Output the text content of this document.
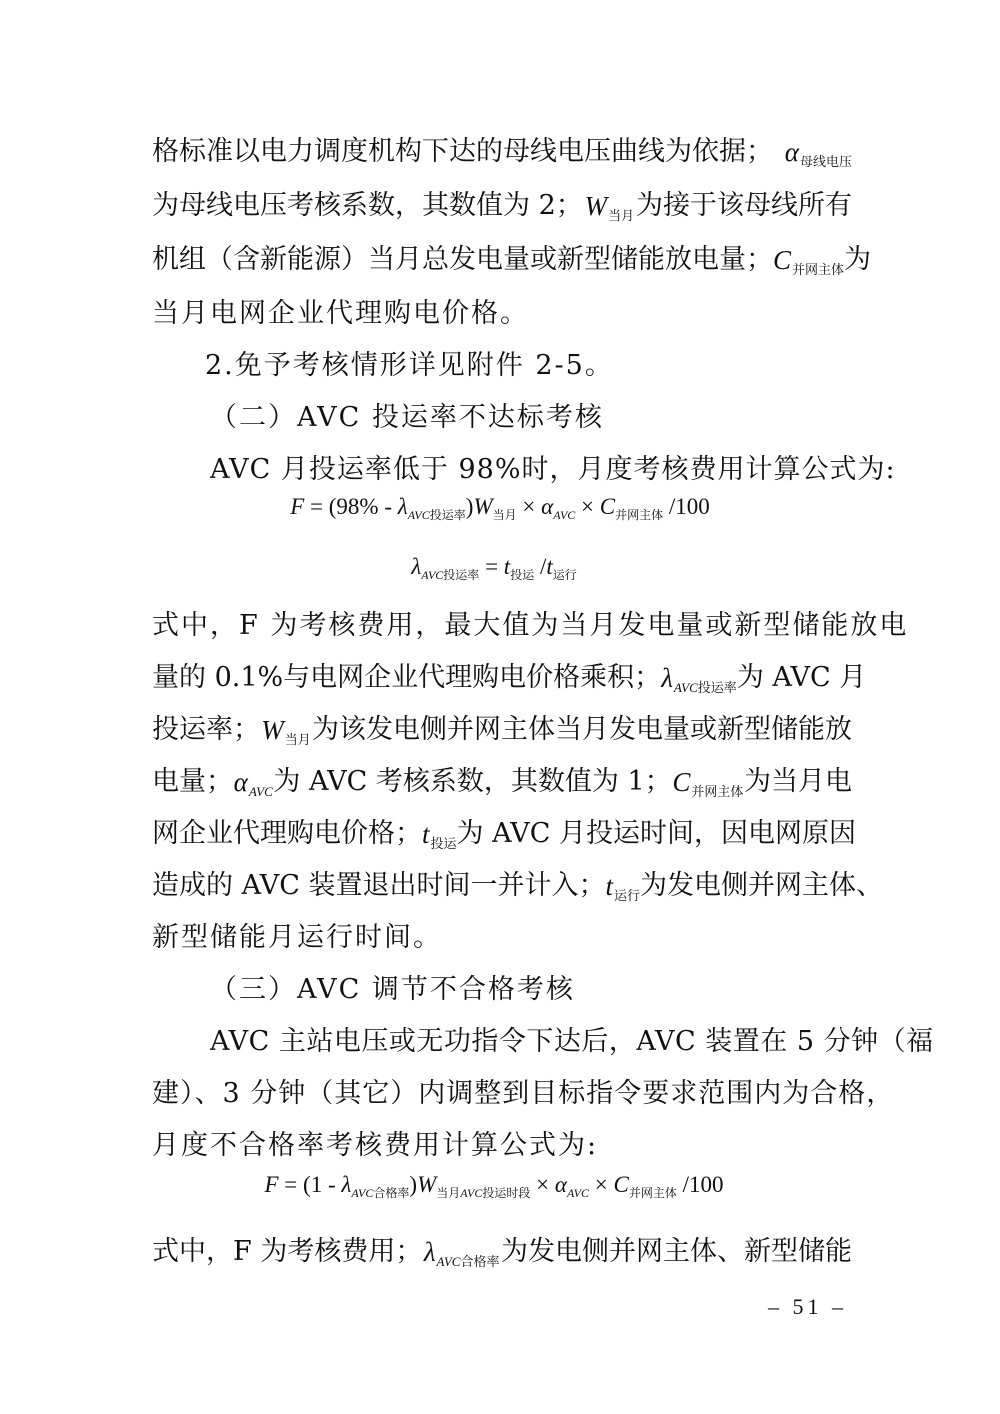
格标准以电力调度机构下达的母线电压曲线为依据； $\alpha_{母线电压}$
为母线电压考核系数，其数值为 2； $W_{当月}$ 为接于该母线所有
机组（含新能源）当月总发电量或新型储能放电量； $C_{并网主体}$ 为
当月电网企业代理购电价格。
2.免予考核情形详见附件 2-5。
（二）AVC 投运率不达标考核
AVC 月投运率低于 98%时，月度考核费用计算公式为:
$F = (98\% - \lambda_{AVC投运率})W_{当月} \times \alpha_{AVC} \times C_{并网主体}$ /100
$\lambda_{AVC投运率} = t_{投运}$ $/t_{运行}$
式中，F 为考核费用，最大值为当月发电量或新型储能放电
量的 0.1%与电网企业代理购电价格乘积； $\lambda_{AVC投运率}$ 为 AVC 月
投运率； $W_{当月}$ 为该发电侧并网主体当月发电量或新型储能放
电量； $\alpha_{AVC}$ 为 AVC 考核系数，其数值为 1； $C_{并网主体}$ 为当月电
网企业代理购电价格； $t_{投运}$ 为 AVC 月投运时间，因电网原因
造成的 AVC 装置退出时间一并计入； $t_{运行}$ 为发电侧并网主体、
新型储能月运行时间。
（三）AVC 调节不合格考核
AVC 主站电压或无功指令下达后，AVC 装置在 5 分钟（福
建）、3 分钟（其它）内调整到目标指令要求范围内为合格，
月度不合格率考核费用计算公式为:
$F = (1 - \lambda_{AVC合格率})W_{当月AVC投运时段} \times \alpha_{AVC} \times C_{并网主体}$ /100
式中，F 为考核费用； $\lambda_{AVC合格率}$ 为发电侧并网主体、新型储能
– 51 –
